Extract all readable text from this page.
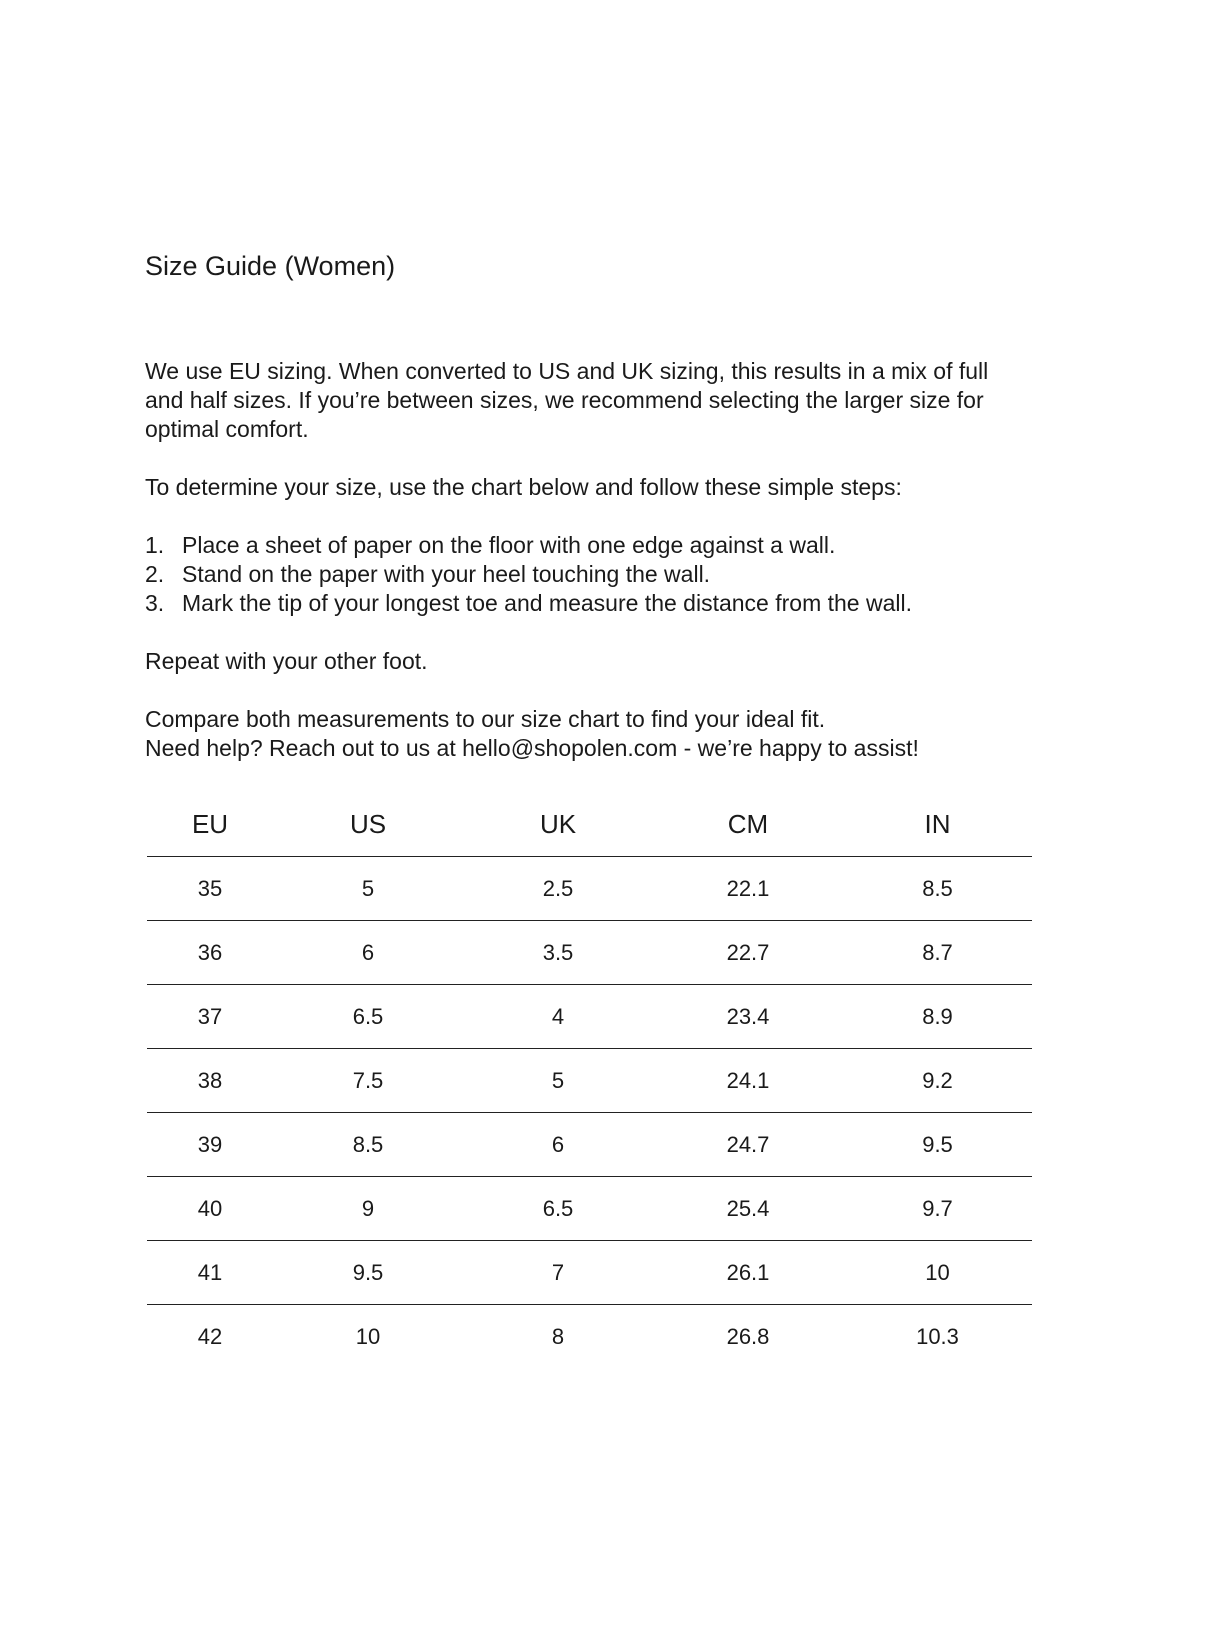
Size Guide (Women)

We use EU sizing. When converted to US and UK sizing, this results in a mix of full

and half sizes. If you’re between sizes, we recommend selecting the larger size for

optimal comfort.

To determine your size, use the chart below and follow these simple steps:

1. Place a sheet of paper on the floor with one edge against a wall.
2. Stand on the paper with your heel touching the wall.
3. Mark the tip of your longest toe and measure the distance from the wall.

Repeat with your other foot.

Compare both measurements to our size chart to find your ideal fit.

Need help? Reach out to us at hello@shopolen.com - we’re happy to assist!

EU	US	UK	CM	IN
35	5	2.5	22.1	8.5
36	6	3.5	22.7	8.7
37	6.5	4	23.4	8.9
38	7.5	5	24.1	9.2
39	8.5	6	24.7	9.5
40	9	6.5	25.4	9.7
41	9.5	7	26.1	10
42	10	8	26.8	10.3
